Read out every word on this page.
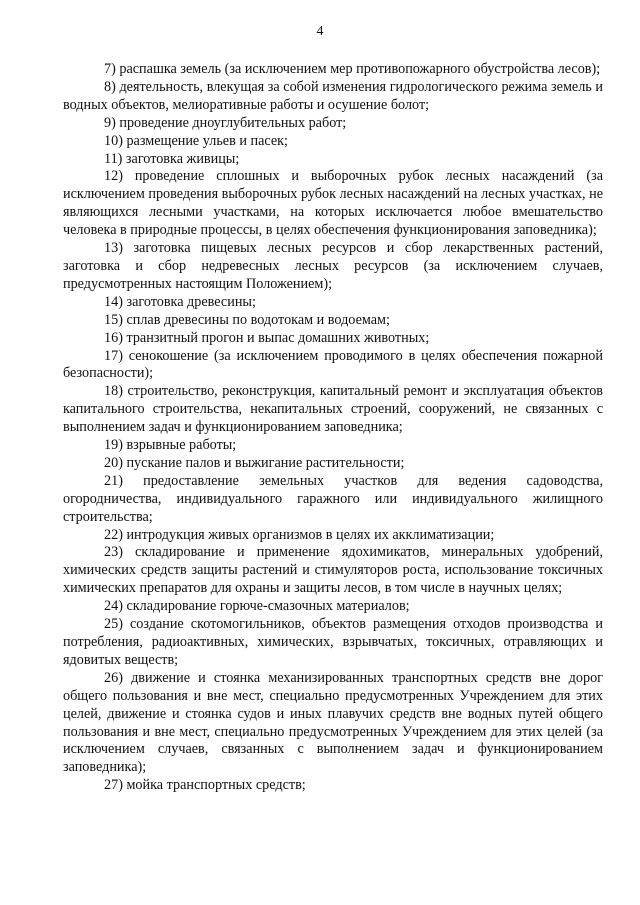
4

7) распашка земель (за исключением мер противопожарного обустройства лесов);

8) деятельность, влекущая за собой изменения гидрологического режима земель и водных объектов, мелиоративные работы и осушение болот;

9) проведение дноуглубительных работ;

10) размещение ульев и пасек;

11) заготовка живицы;

12) проведение сплошных и выборочных рубок лесных насаждений (за исключением проведения выборочных рубок лесных насаждений на лесных участках, не являющихся лесными участками, на которых исключается любое вмешательство человека в природные процессы, в целях обеспечения функционирования заповедника);

13) заготовка пищевых лесных ресурсов и сбор лекарственных растений, заготовка и сбор недревесных лесных ресурсов (за исключением случаев, предусмотренных настоящим Положением);

14) заготовка древесины;

15) сплав древесины по водотокам и водоемам;

16) транзитный прогон и выпас домашних животных;

17) сенокошение (за исключением проводимого в целях обеспечения пожарной безопасности);

18) строительство, реконструкция, капитальный ремонт и эксплуатация объектов капитального строительства, некапитальных строений, сооружений, не связанных с выполнением задач и функционированием заповедника;

19) взрывные работы;

20) пускание палов и выжигание растительности;

21) предоставление земельных участков для ведения садоводства, огородничества, индивидуального гаражного или индивидуального жилищного строительства;

22) интродукция живых организмов в целях их акклиматизации;

23) складирование и применение ядохимикатов, минеральных удобрений, химических средств защиты растений и стимуляторов роста, использование токсичных химических препаратов для охраны и защиты лесов, в том числе в научных целях;

24) складирование горюче-смазочных материалов;

25) создание скотомогильников, объектов размещения отходов производства и потребления, радиоактивных, химических, взрывчатых, токсичных, отравляющих и ядовитых веществ;

26) движение и стоянка механизированных транспортных средств вне дорог общего пользования и вне мест, специально предусмотренных Учреждением для этих целей, движение и стоянка судов и иных плавучих средств вне водных путей общего пользования и вне мест, специально предусмотренных Учреждением для этих целей (за исключением случаев, связанных с выполнением задач и функционированием заповедника);

27) мойка транспортных средств;
